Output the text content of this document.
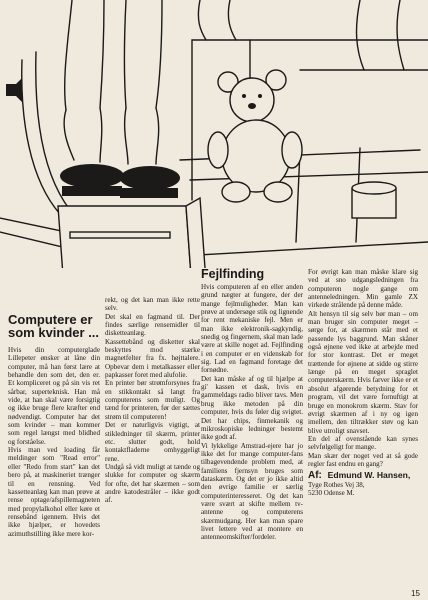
Computere er
som kvinder ...

Hvis din computerglade Lillepeter ønsker at låne din computer, må han først lære at behandle den som det, den er. Et kompliceret og på sin vis ret sårbar, superteknisk. Han må vide, at han skal være forsigtig og ikke bruge flere kræfter end nødvendigt. Computer har det som kvinder – man kommer som regel længst med blidhed og forståelse.
Hvis man ved loading får meldinger som "Read error" eller "Redo from start" kan det bero på, at maskineriet trænger til en rensning. Ved kassetteanlæg kan man prøve at rense optage/afspillemagneten med propylalkohol eller køre et rensebånd igennem. Hvis det ikke hjælper, er hovedets azimuthstilling ikke mere kor-

rekt, og det kan man ikke rette selv.
Det skal en fagmand til. Der findes særlige rensemidler til disketteanlæg.
Kassettebånd og disketter skal beskyttes mod stærke magnetfelter fra fx. højttalere. Opbevar dem i metalkasser eller papkasser foret med alufolie.
En printer bør strømforsynes fra en stikkontakt så langt fra computerens som muligt. Og tænd for printeren, før der sættes strøm til computeren!
Det er naturligvis vigtigt, at stikledninger til skærm, printer etc. slutter godt, hold kontaktfladerne omhyggeligt rene.
Undgå så vidt muligt at tænde og slukke for computer og skærm for ofte, det har skærmen – som andre katodestråler – ikke godt af.

Fejlfinding

Hvis computeren af en eller anden grund nægter at fungere, der der mange fejlmuligheder. Man kan prøve at undersøge stik og lignende for rent mekaniske fejl. Men er man ikke elektronik-sagkyndig, snedig og fingernem, skal man lade være at skille noget ad. Fejlfinding i en computer er en videnskab for sig. Lad en fagmand foretage det fornødne.
Det kan måske af og til hjælpe at gi' kassen et dask, hvis en gammeldags radio bliver tavs. Men brug ikke metoden på din computer, hvis du føler dig svigtet. Det har chips, finmekanik og mikroskopiske ledninger bestemt ikke godt af.
Vi lykkelige Amstrad-ejere har jo ikke det for mange computer-fans tilbagevendende problem med, at familiens fjernsyn bruges som dataskærm. Og det er jo ikke altid den øvrige familie er særlig computerinteresseret. Og det kan være svært at skifte mellem tv-antenne og computerens skærmudgang. Her kan man spare livet lettere ved at montere en antenneomskifter/fordeler.

For øvrigt kan man måske klare sig ved at sno udgangsledningen fra computeren nogle gange om antenneledningen. Min gamle ZX virkede strålende på denne måde.
Alt hensyn til sig selv bør man – om man bruger sin computer meget – sørge for, at skærmen står med et passende lys baggrund. Man skåner også øjnene ved ikke at arbejde med for stor kontrast. Det er meget trættende for øjnene at sidde og stirre længe på en meget spraglet computerskærm. Hvis farver ikke er et absolut afgørende betydning for et program, vil det være fornuftigt at bruge en monokrom skærm. Stav for øvrigt skærmen af i ny og igen imellem, den tiltrækker støv og kan blive utroligt snavset.
En del af ovenstående kan synes selvfølgeligt for mange.
Man skær der noget ved at så gode regler fast endnu en gang?

Af: Edmund W. Hansen,

Tyge Rothes Vej 38,
5230 Odense M.

15
